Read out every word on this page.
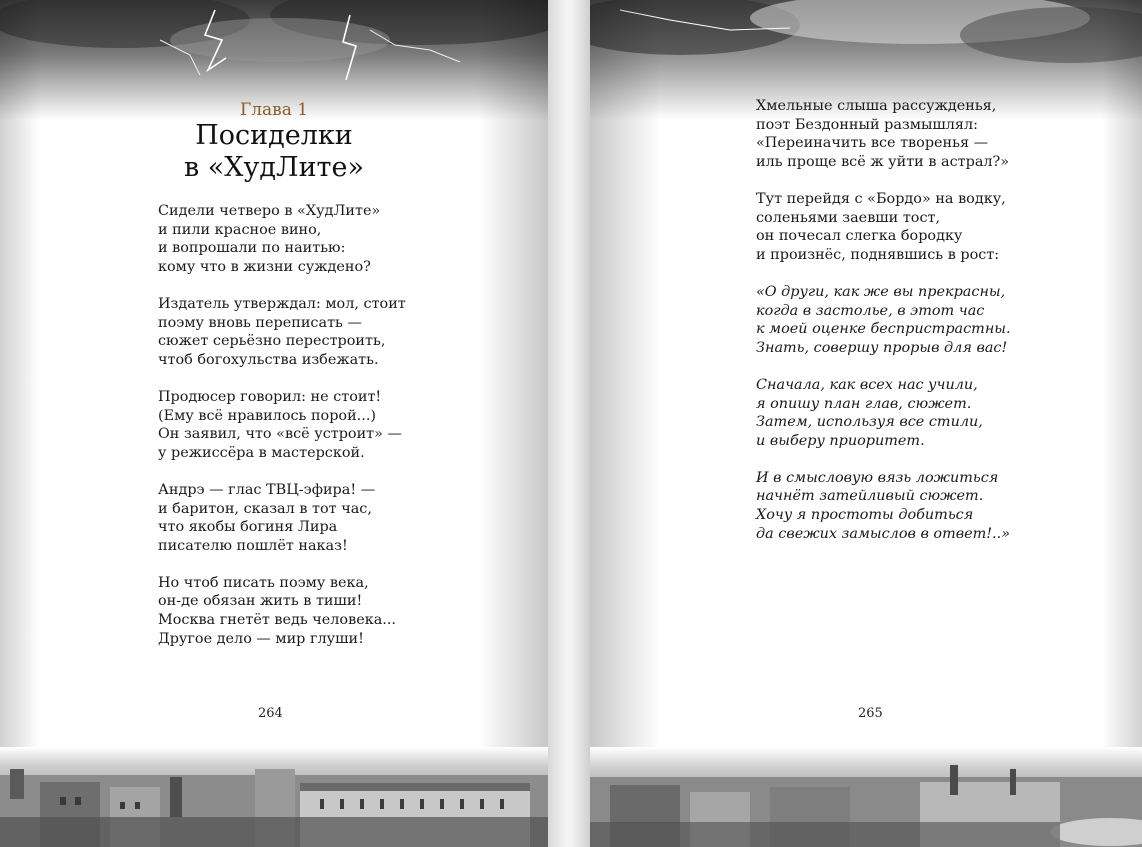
Глава 1
Посиделки
в «ХудЛите»
Сидели четверо в «ХудЛите»
и пили красное вино,
и вопрошали по наитью:
кому что в жизни суждено?
Издатель утверждал: мол, стоит
поэму вновь переписать —
сюжет серьёзно перестроить,
чтоб богохульства избежать.
Продюсер говорил: не стоит!
(Ему всё нравилось порой...)
Он заявил, что «всё устроит» —
у режиссёра в мастерской.
Андрэ — глас ТВЦ-эфира! —
и баритон, сказал в тот час,
что якобы богиня Лира
писателю пошлёт наказ!
Но чтоб писать поэму века,
он-де обязан жить в тиши!
Москва гнетёт ведь человека...
Другое дело — мир глуши!
264
Хмельные слыша рассужденья,
поэт Бездонный размышлял:
«Переиначить все творенья —
иль проще всё ж уйти в астрал?»
Тут перейдя с «Бордо» на водку,
соленьями заевши тост,
он почесал слегка бородку
и произнёс, поднявшись в рост:
«О други, как же вы прекрасны,
когда в застолье, в этот час
к моей оценке беспристрастны.
Знать, совершу прорыв для вас!
Сначала, как всех нас учили,
я опишу план глав, сюжет.
Затем, используя все стили,
и выберу приоритет.
И в смысловую вязь ложиться
начнёт затейливый сюжет.
Хочу я простоты добиться
да свежих замыслов в ответ!..»
265
